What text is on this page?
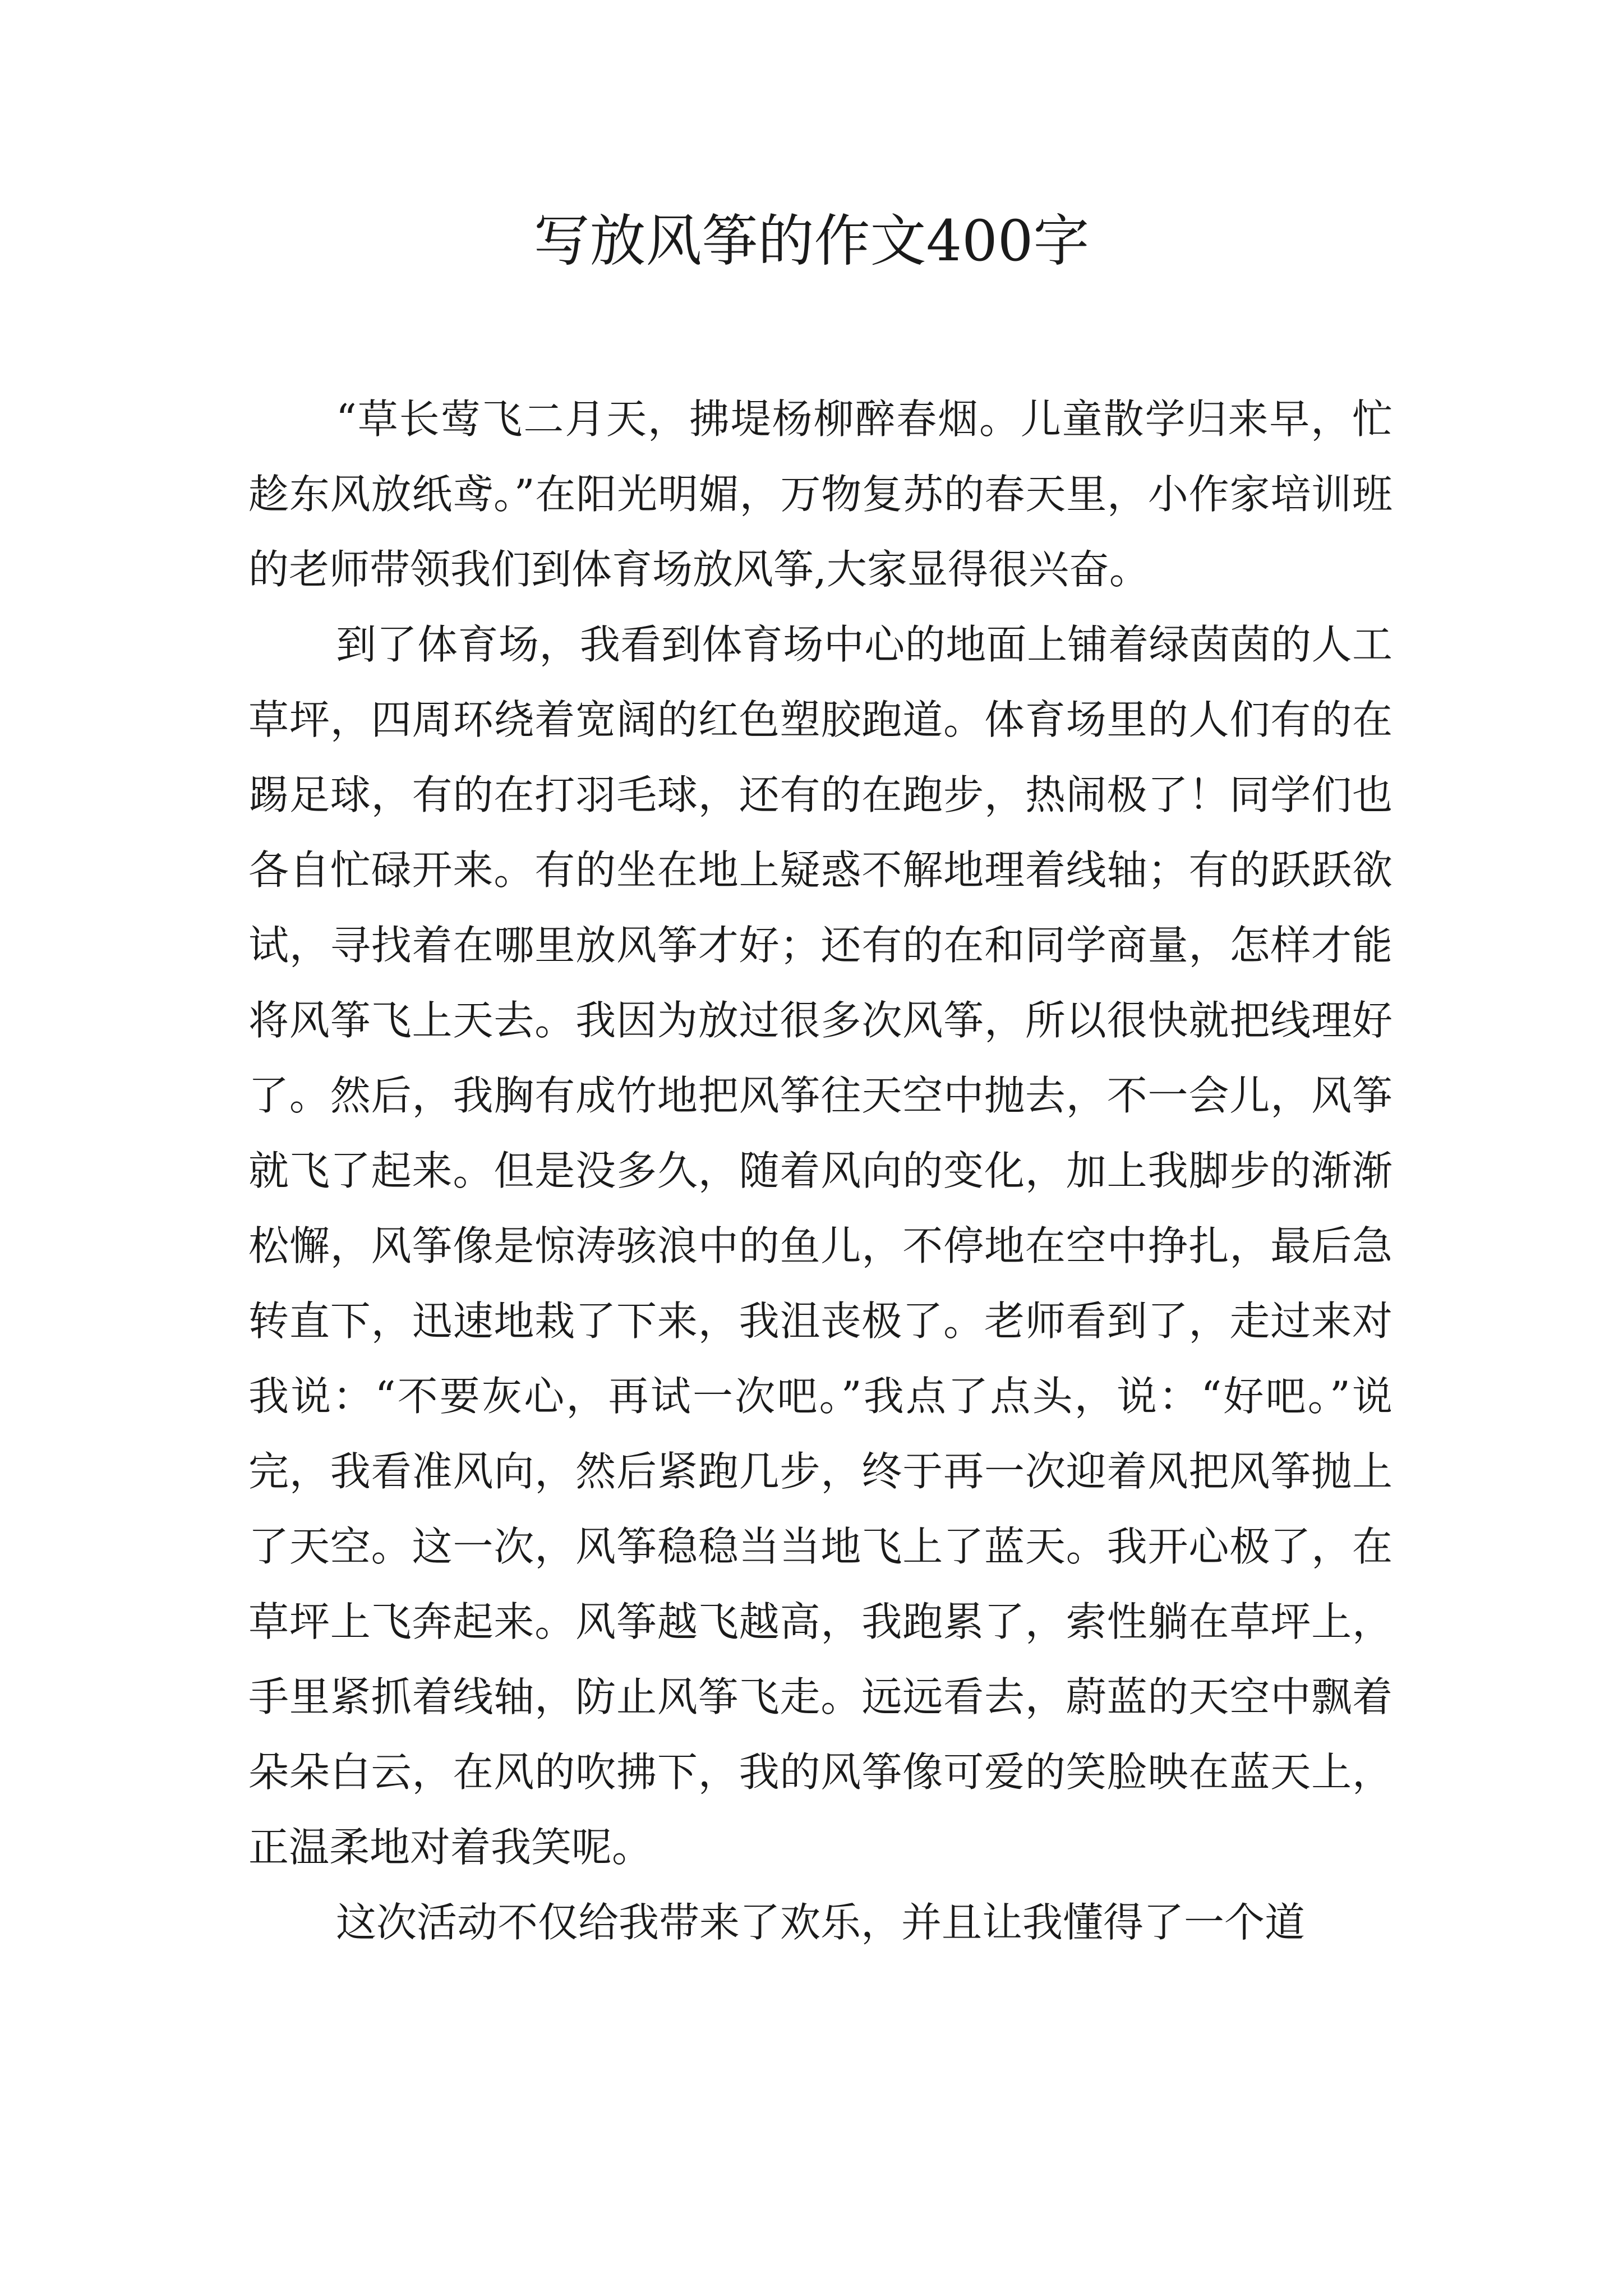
写放风筝的作文400字

“草长莺飞二月天，拂堤杨柳醉春烟。儿童散学归来早，忙趁东风放纸鸢。”在阳光明媚，万物复苏的春天里，小作家培训班的老师带领我们到体育场放风筝,大家显得很兴奋。

到了体育场，我看到体育场中心的地面上铺着绿茵茵的人工草坪，四周环绕着宽阔的红色塑胶跑道。体育场里的人们有的在踢足球，有的在打羽毛球，还有的在跑步，热闹极了！同学们也各自忙碌开来。有的坐在地上疑惑不解地理着线轴；有的跃跃欲试，寻找着在哪里放风筝才好；还有的在和同学商量，怎样才能将风筝飞上天去。我因为放过很多次风筝，所以很快就把线理好了。然后，我胸有成竹地把风筝往天空中抛去，不一会儿，风筝就飞了起来。但是没多久，随着风向的变化，加上我脚步的渐渐松懈，风筝像是惊涛骇浪中的鱼儿，不停地在空中挣扎，最后急转直下，迅速地栽了下来，我沮丧极了。老师看到了，走过来对我说：“不要灰心，再试一次吧。”我点了点头，说：“好吧。”说完，我看准风向，然后紧跑几步，终于再一次迎着风把风筝抛上了天空。这一次，风筝稳稳当当地飞上了蓝天。我开心极了，在草坪上飞奔起来。风筝越飞越高，我跑累了，索性躺在草坪上，手里紧抓着线轴，防止风筝飞走。远远看去，蔚蓝的天空中飘着朵朵白云，在风的吹拂下，我的风筝像可爱的笑脸映在蓝天上，正温柔地对着我笑呢。

这次活动不仅给我带来了欢乐，并且让我懂得了一个道
